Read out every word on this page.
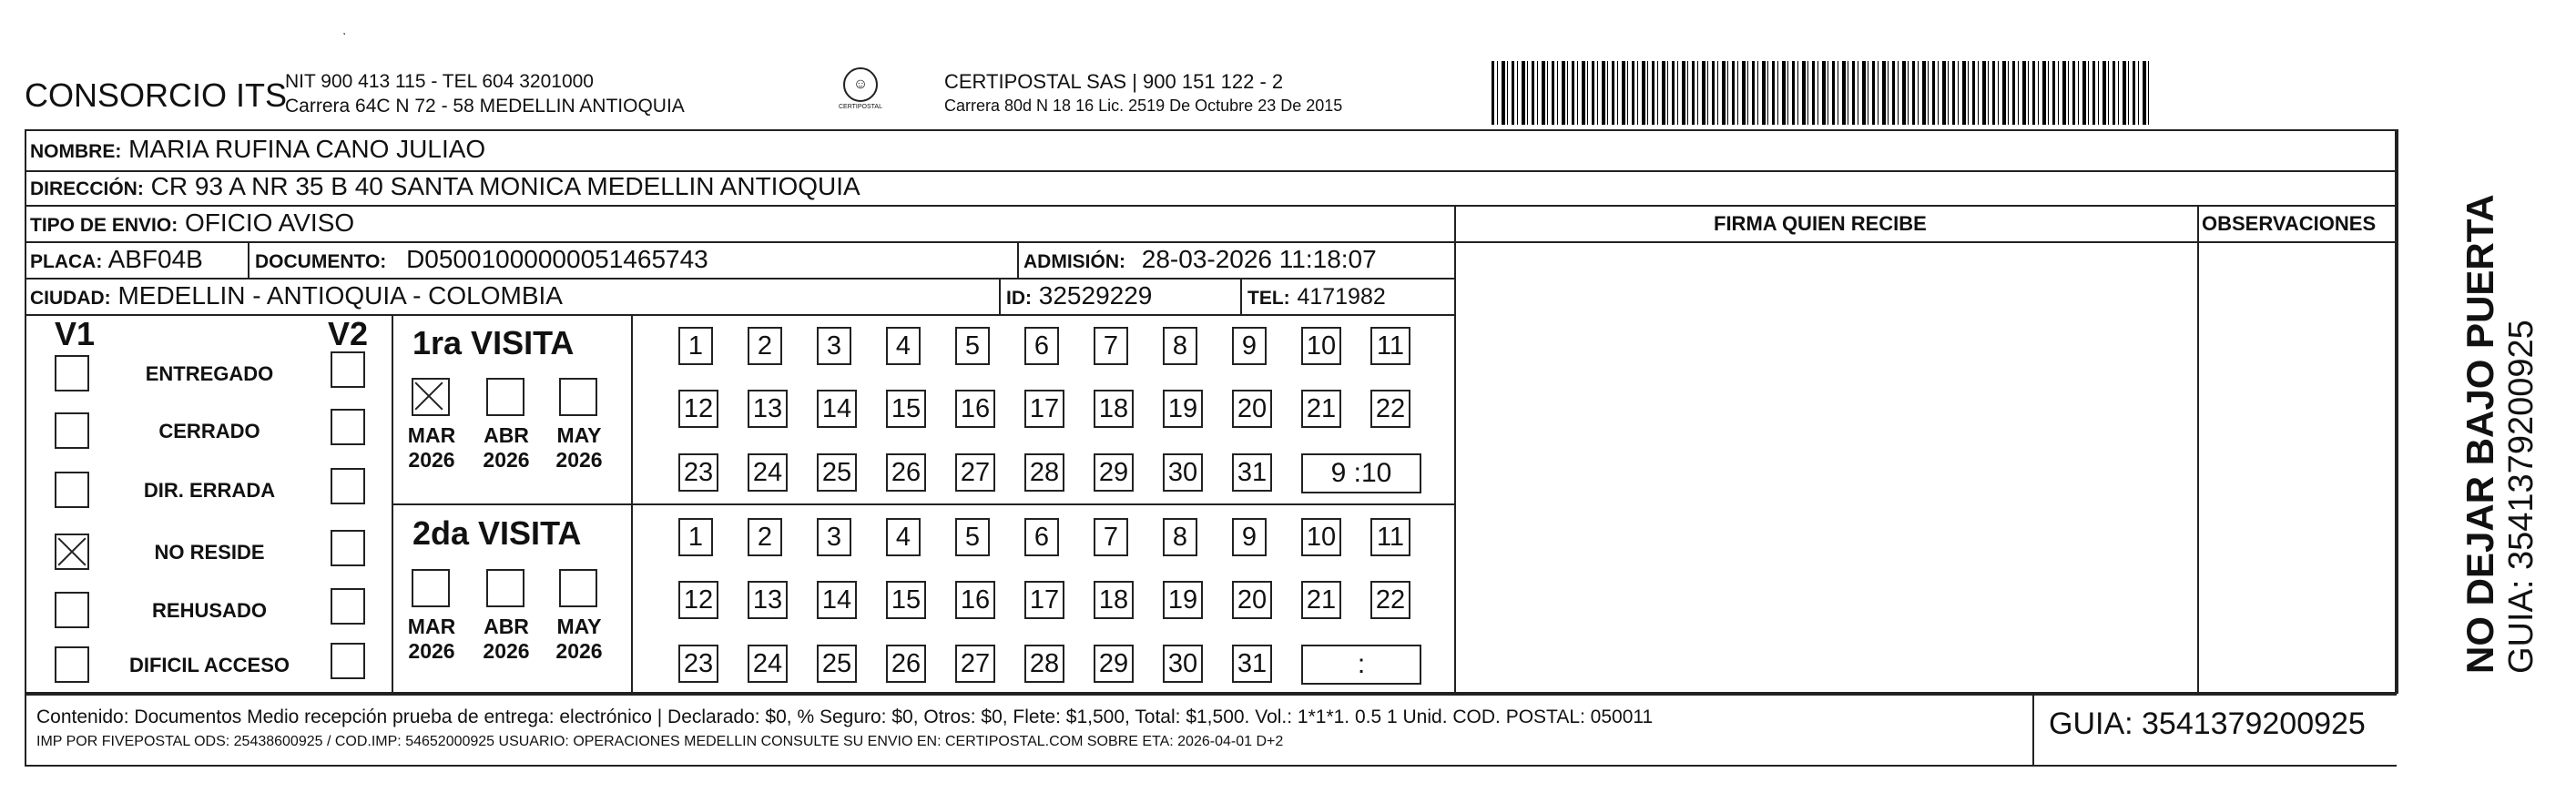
CONSORCIO ITS
NIT 900 413 115 - TEL 604 3201000
Carrera 64C N 72 - 58 MEDELLIN ANTIOQUIA
☺
CERTIPOSTAL
CERTIPOSTAL SAS | 900 151 122 - 2
Carrera 80d N 18 16 Lic. 2519 De Octubre 23 De 2015
NOMBRE: MARIA RUFINA CANO JULIAO
DIRECCIÓN: CR 93 A NR 35 B 40 SANTA MONICA MEDELLIN ANTIOQUIA
TIPO DE ENVIO: OFICIO AVISO	FIRMA QUIEN RECIBE	OBSERVACIONES
PLACA: ABF04B	DOCUMENTO: D05001000000051465743	ADMISIÓN: 28-03-2026 11:18:07
CIUDAD: MEDELLIN - ANTIOQUIA - COLOMBIA	ID: 32529229	TEL: 4171982
V1	V2
ENTREGADO
CERRADO
DIR. ERRADA
NO RESIDE
REHUSADO
DIFICIL ACCESO
1ra VISITA
2da VISITA
MAR
2026
ABR
2026
MAY
2026
1	2	3	4	5	6	7	8	9	10 11
12 13 14 15 16 17 18 19 20 21 22
23 24 25 26 27 28 29 30 31	9 :10
MAR
2026
ABR
2026
MAY
2026
1	2	3	4	5	6	7	8	9	10 11
12 13 14 15 16 17 18 19 20 21 22
23 24 25 26 27 28 29 30 31	:
Contenido: Documentos Medio recepción prueba de entrega: electrónico | Declarado: $0, % Seguro: $0, Otros: $0, Flete: $1,500, Total: $1,500. Vol.: 1*1*1. 0.5 1 Unid. COD. POSTAL: 050011
IMP POR FIVEPOSTAL ODS: 25438600925 / COD.IMP: 54652000925 USUARIO: OPERACIONES MEDELLIN CONSULTE SU ENVIO EN: CERTIPOSTAL.COM SOBRE ETA: 2026-04-01 D+2
GUIA: 3541379200925
NO DEJAR BAJO PUERTA GUIA: 3541379200925
